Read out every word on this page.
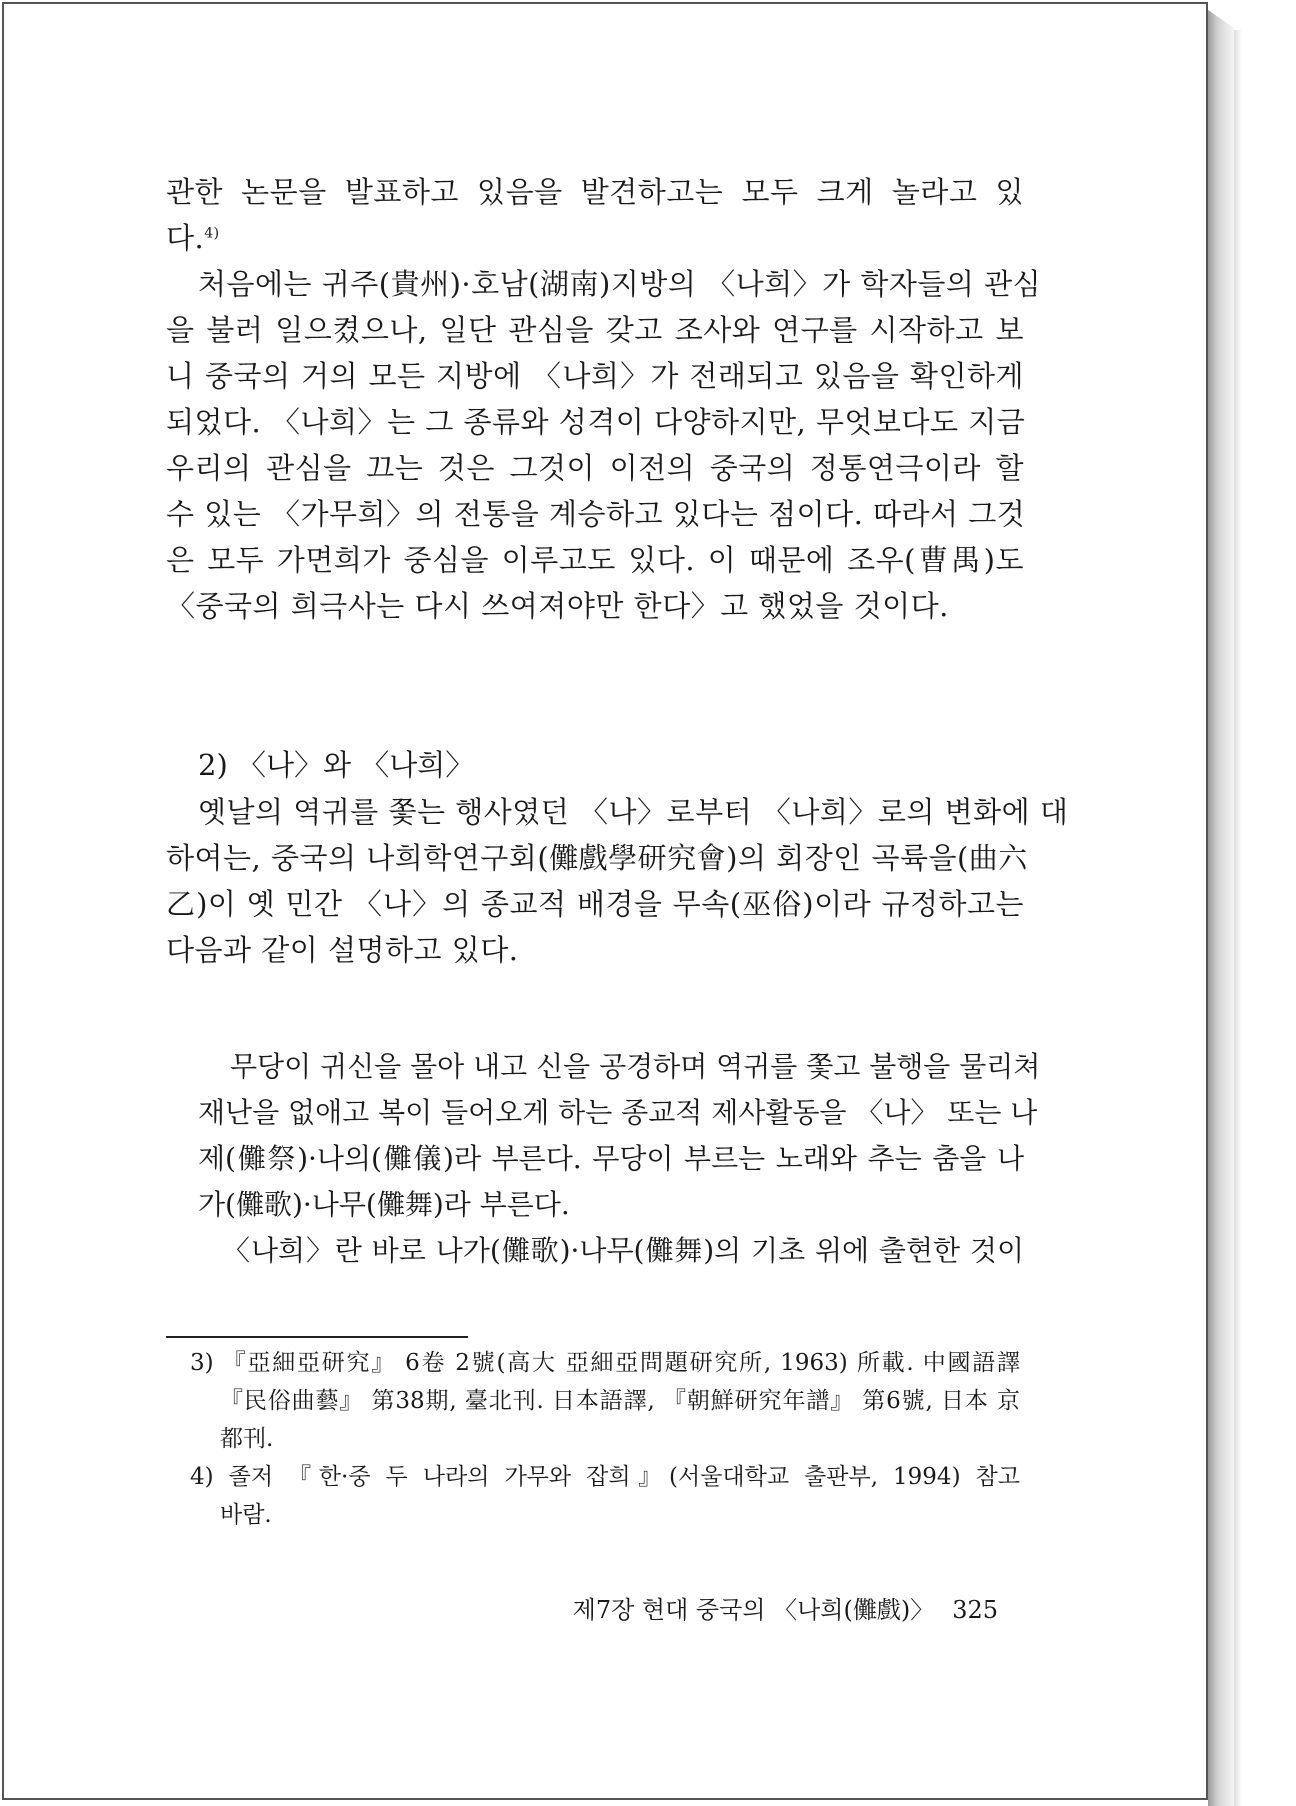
관한 논문을 발표하고 있음을 발견하고는 모두 크게 놀라고 있
다.$^{4)}$
처음에는 귀주(貴州)·호남(湖南)지방의 〈나희〉가 학자들의 관심
을 불러 일으켰으나, 일단 관심을 갖고 조사와 연구를 시작하고 보
니 중국의 거의 모든 지방에 〈나희〉가 전래되고 있음을 확인하게
되었다. 〈나희〉는 그 종류와 성격이 다양하지만, 무엇보다도 지금
우리의 관심을 끄는 것은 그것이 이전의 중국의 정통연극이라 할
수 있는 〈가무희〉의 전통을 계승하고 있다는 점이다. 따라서 그것
은 모두 가면희가 중심을 이루고도 있다. 이 때문에 조우(曹禺)도
〈중국의 희극사는 다시 쓰여져야만 한다〉고 했었을 것이다.
2) 〈나〉와 〈나희〉
옛날의 역귀를 쫓는 행사였던 〈나〉로부터 〈나희〉로의 변화에 대
하여는, 중국의 나희학연구회(儺戲學研究會)의 회장인 곡륙을(曲六
乙)이 옛 민간 〈나〉의 종교적 배경을 무속(巫俗)이라 규정하고는
다음과 같이 설명하고 있다.
무당이 귀신을 몰아 내고 신을 공경하며 역귀를 쫓고 불행을 물리쳐
재난을 없애고 복이 들어오게 하는 종교적 제사활동을 〈나〉 또는 나
제(儺祭)·나의(儺儀)라 부른다. 무당이 부르는 노래와 추는 춤을 나
가(儺歌)·나무(儺舞)라 부른다.
〈나희〉란 바로 나가(儺歌)·나무(儺舞)의 기초 위에 출현한 것이
3) 『亞細亞研究』 6卷 2號(高大 亞細亞問題研究所, 1963) 所載. 中國語譯
『民俗曲藝』 第38期, 臺北刊. 日本語譯, 『朝鮮研究年譜』 第6號, 日本 京
都刊.
4) 졸저 『한·중 두 나라의 가무와 잡희』(서울대학교 출판부, 1994) 참고
바람.
제7장 현대 중국의 〈나희(儺戲)〉 325
